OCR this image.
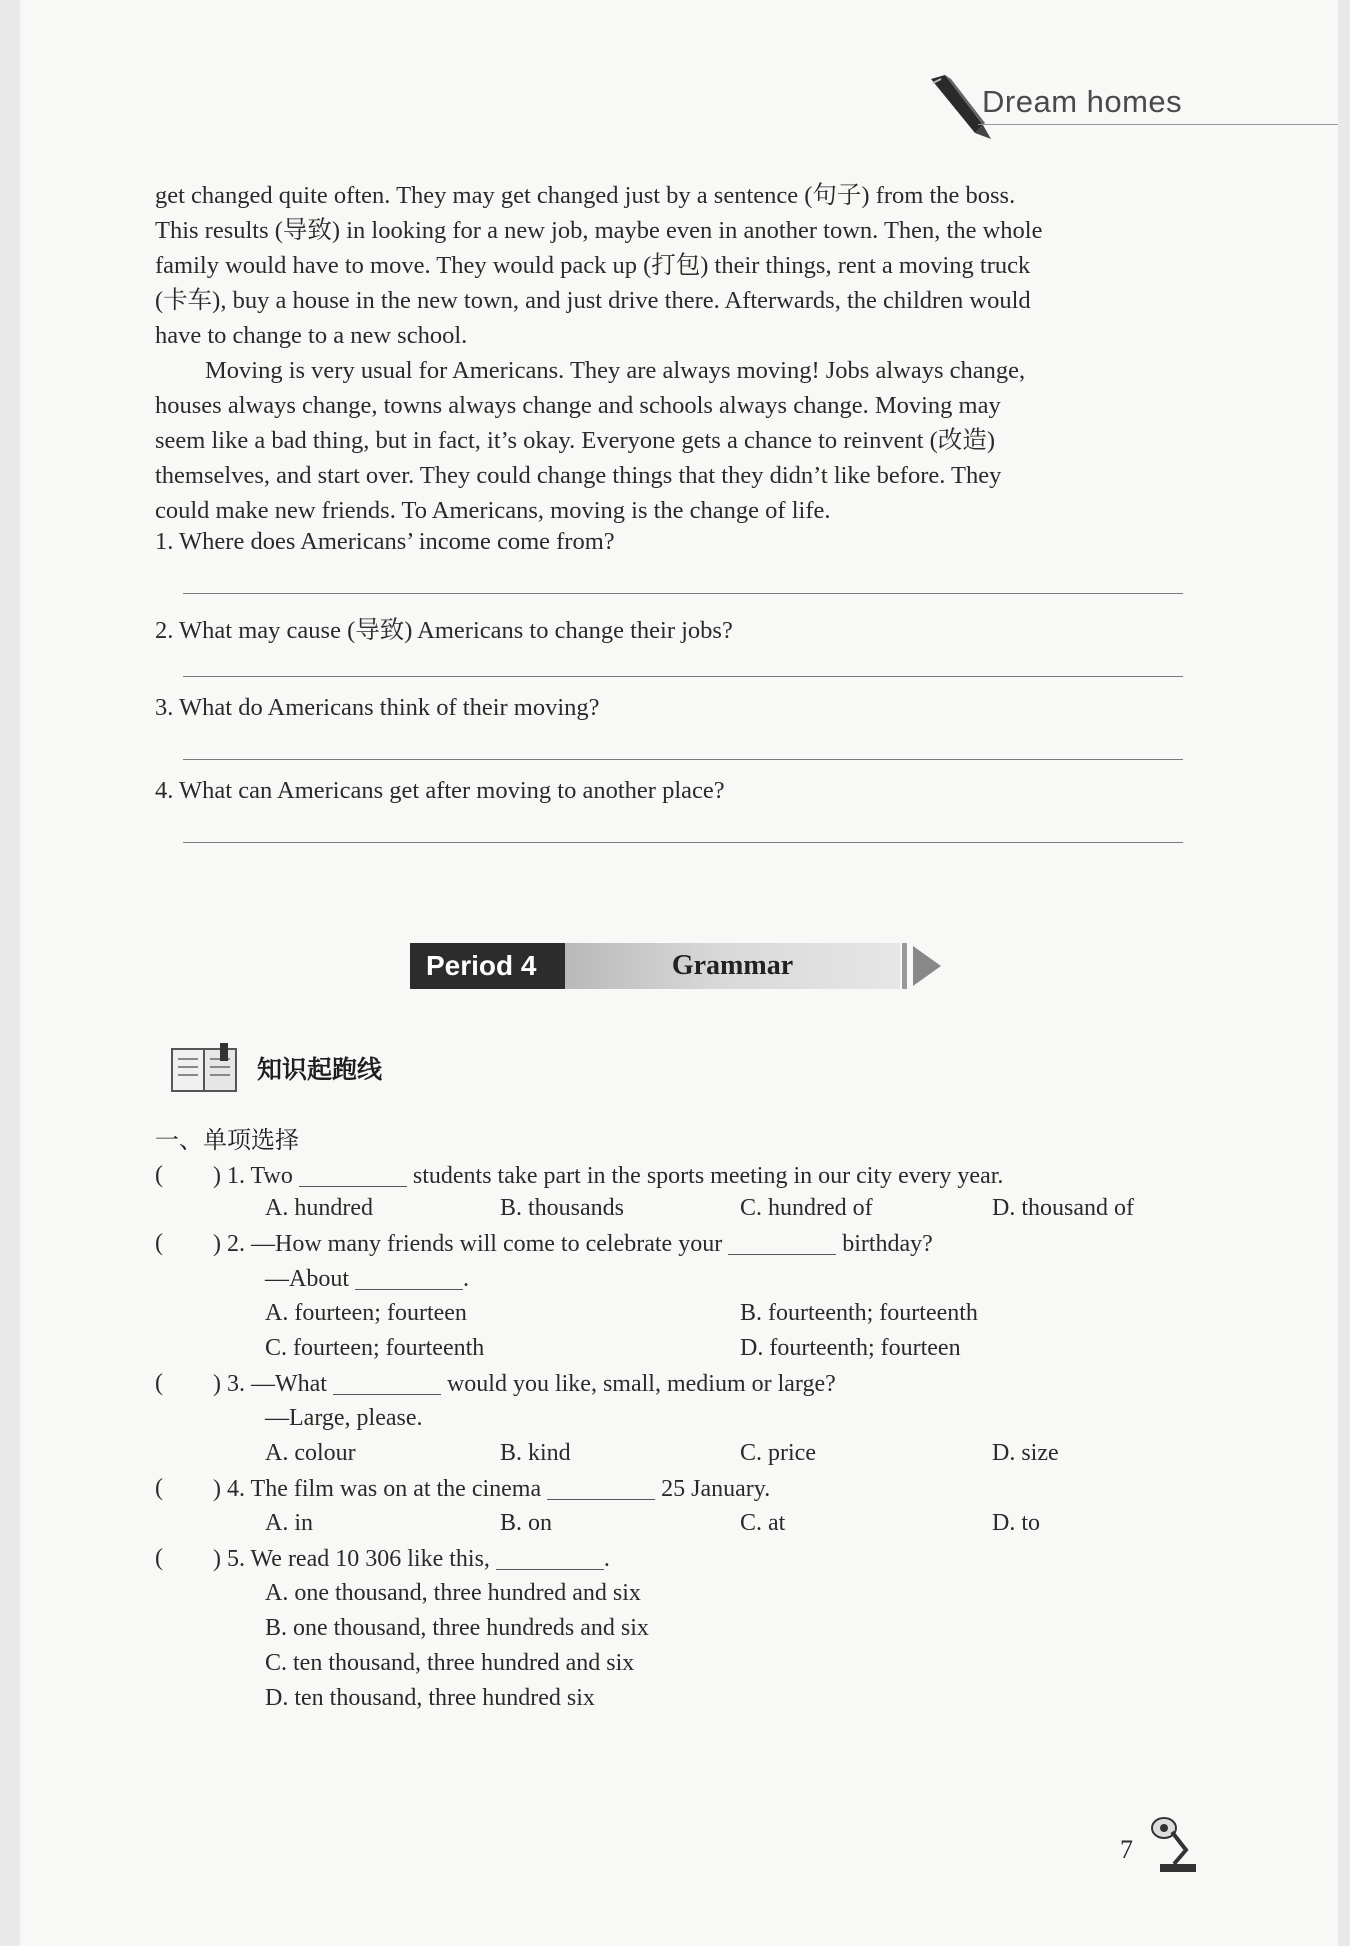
Dream homes

get changed quite often. They may get changed just by a sentence (句子) from the boss.

This results (导致) in looking for a new job, maybe even in another town. Then, the whole

family would have to move. They would pack up (打包) their things, rent a moving truck

(卡车), buy a house in the new town, and just drive there. Afterwards, the children would

have to change to a new school.

Moving is very usual for Americans. They are always moving! Jobs always change,

houses always change, towns always change and schools always change. Moving may

seem like a bad thing, but in fact, it’s okay. Everyone gets a chance to reinvent (改造)

themselves, and start over. They could change things that they didn’t like before. They

could make new friends. To Americans, moving is the change of life.

1. Where does Americans’ income come from?
2. What may cause (导致) Americans to change their jobs?
3. What do Americans think of their moving?
4. What can Americans get after moving to another place?
Period 4	Grammar
知识起跑线
一、单项选择
( ) 1. Two	students take part in the sports meeting in our city every year.
A. hundred	B. thousands	C. hundred of	D. thousand of
( ) 2. —How many friends will come to celebrate your	birthday?
—About	.
A. fourteen; fourteen	B. fourteenth; fourteenth
C. fourteen; fourteenth	D. fourteenth; fourteen
( ) 3. —What	would you like, small, medium or large?
—Large, please.
A. colour	B. kind	C. price	D. size
( ) 4. The film was on at the cinema	25 January.
A. in	B. on	C. at	D. to
( ) 5. We read 10 306 like this,	.
A. one thousand, three hundred and six
B. one thousand, three hundreds and six
C. ten thousand, three hundred and six
D. ten thousand, three hundred six
7
